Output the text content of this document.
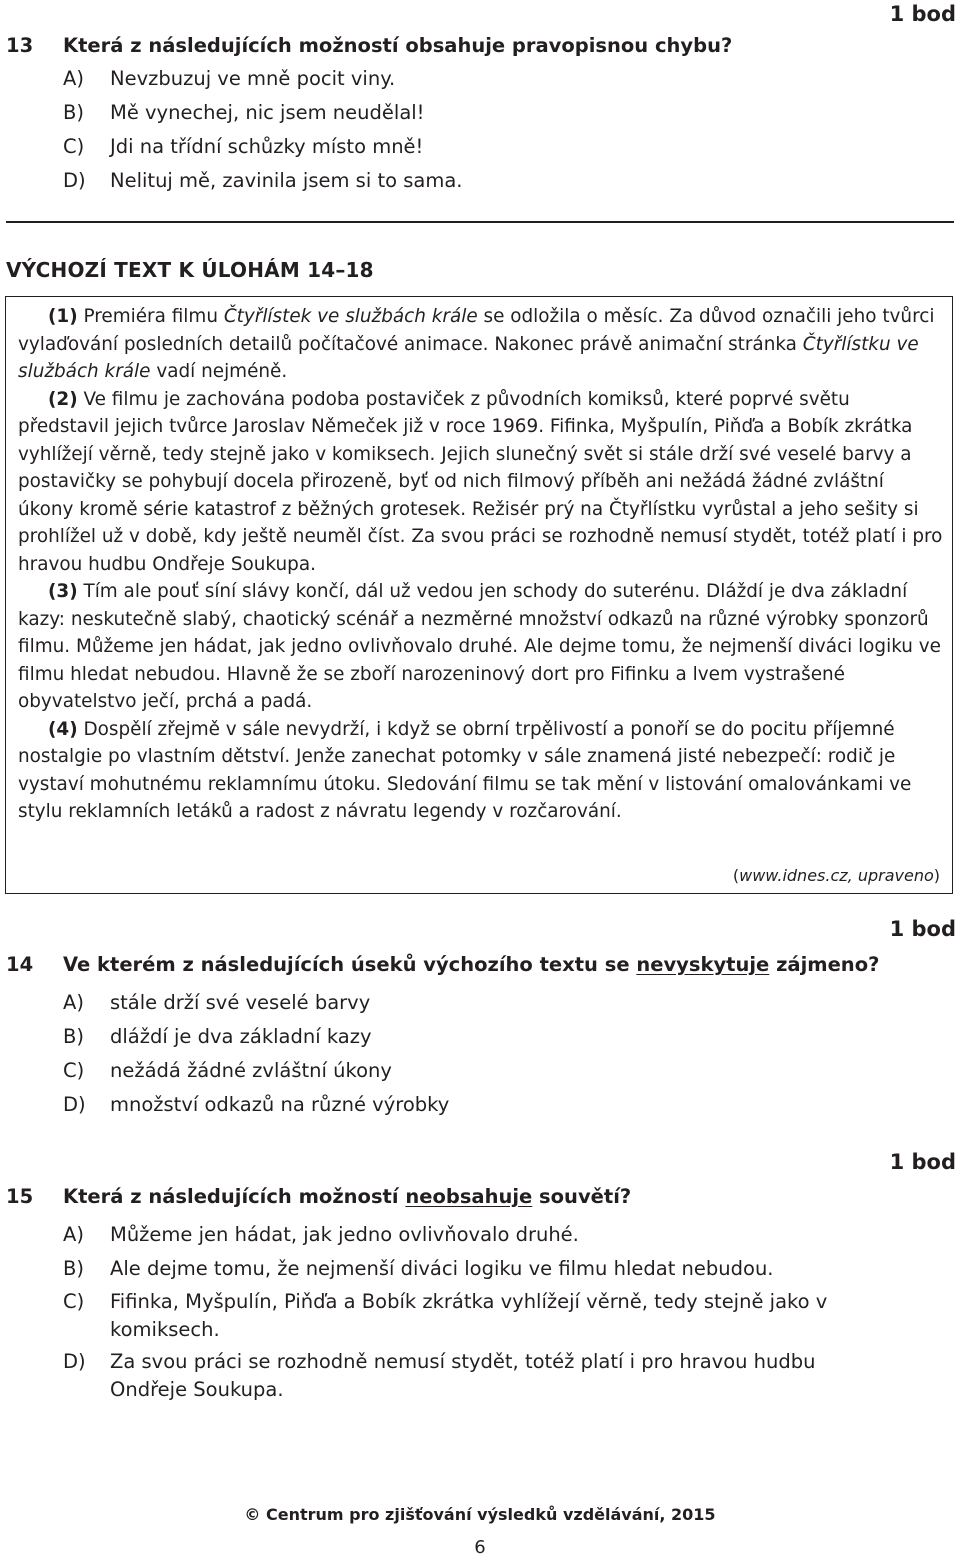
1 bod
13 Která z následujících možností obsahuje pravopisnou chybu?
A) Nevzbuzuj ve mně pocit viny.
B) Mě vynechej, nic jsem neudělal!
C) Jdi na třídní schůzky místo mně!
D) Nelituj mě, zavinila jsem si to sama.
VÝCHOZÍ TEXT K ÚLOHÁM 14–18
(1) Premiéra filmu Čtyřlístek ve službách krále se odložila o měsíc. Za důvod označili jeho tvůrci vylaďování posledních detailů počítačové animace. Nakonec právě animační stránka Čtyřlístku ve službách krále vadí nejméně.
(2) Ve filmu je zachována podoba postaviček z původních komiksů, které poprvé světu představil jejich tvůrce Jaroslav Němeček již v roce 1969. Fifinka, Myšpulín, Piňďa a Bobík zkrátka vyhlížejí věrně, tedy stejně jako v komiksech. Jejich slunečný svět si stále drží své veselé barvy a postavičky se pohybují docela přirozeně, byť od nich filmový příběh ani nežádá žádné zvláštní úkony kromě série katastrof z běžných grotesek. Režisér prý na Čtyřlístku vyrůstal a jeho sešity si prohlížel už v době, kdy ještě neuměl číst. Za svou práci se rozhodně nemusí stydět, totéž platí i pro hravou hudbu Ondřeje Soukupa.
(3) Tím ale pouť síní slávy končí, dál už vedou jen schody do suterénu. Dláždí je dva základní kazy: neskutečně slabý, chaotický scénář a nezměrné množství odkazů na různé výrobky sponzorů filmu. Můžeme jen hádat, jak jedno ovlivňovalo druhé. Ale dejme tomu, že nejmenší diváci logiku ve filmu hledat nebudou. Hlavně že se zboří narozeninový dort pro Fifinku a lvem vystrašené obyvatelstvo ječí, prchá a padá.
(4) Dospělí zřejmě v sále nevydrží, i když se obrní trpělivostí a ponoří se do pocitu příjemné nostalgie po vlastním dětství. Jenže zanechat potomky v sále znamená jisté nebezpečí: rodič je vystaví mohutnému reklamnímu útoku. Sledování filmu se tak mění v listování omalovánkami ve stylu reklamních letáků a radost z návratu legendy v rozčarování.
(www.idnes.cz, upraveno)
1 bod
14 Ve kterém z následujících úseků výchozího textu se nevyskytuje zájmeno?
A) stále drží své veselé barvy
B) dláždí je dva základní kazy
C) nežádá žádné zvláštní úkony
D) množství odkazů na různé výrobky
1 bod
15 Která z následujících možností neobsahuje souvětí?
A) Můžeme jen hádat, jak jedno ovlivňovalo druhé.
B) Ale dejme tomu, že nejmenší diváci logiku ve filmu hledat nebudou.
C) Fifinka, Myšpulín, Piňďa a Bobík zkrátka vyhlížejí věrně, tedy stejně jako v komiksech.
D) Za svou práci se rozhodně nemusí stydět, totéž platí i pro hravou hudbu Ondřeje Soukupa.
© Centrum pro zjišťování výsledků vzdělávání, 2015
6
